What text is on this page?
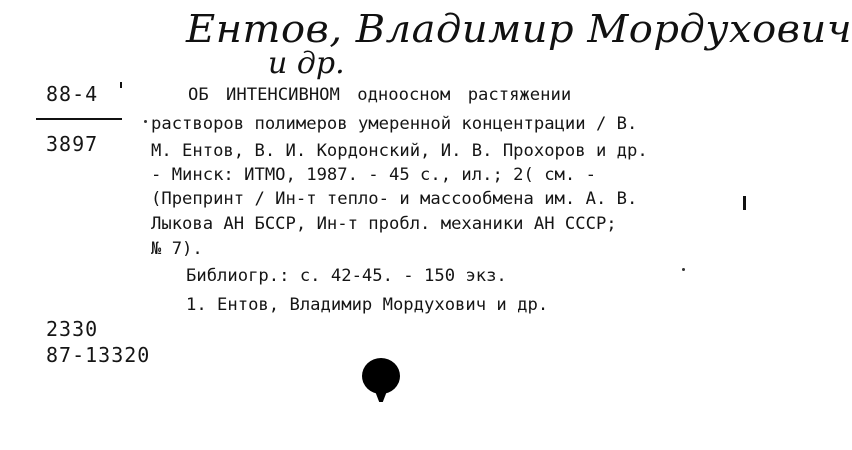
Ентов, Владимир Мордухович
и др.
88-4
3897
ОБ ИНТЕНСИВНОМ одноосном растяжении
растворов полимеров умеренной концентрации / В.
М. Ентов, В. И. Кордонский, И. В. Прохоров и др.
- Минск: ИТМО, 1987. - 45 с., ил.; 2( см. -
(Препринт / Ин-т тепло- и массообмена им. А. В.
Лыкова АН БССР, Ин-т пробл. механики АН СССР;
№ 7).
Библиогр.: с. 42-45. - 150 экз.
1. Ентов, Владимир Мордухович и др.
2330
87-13320
